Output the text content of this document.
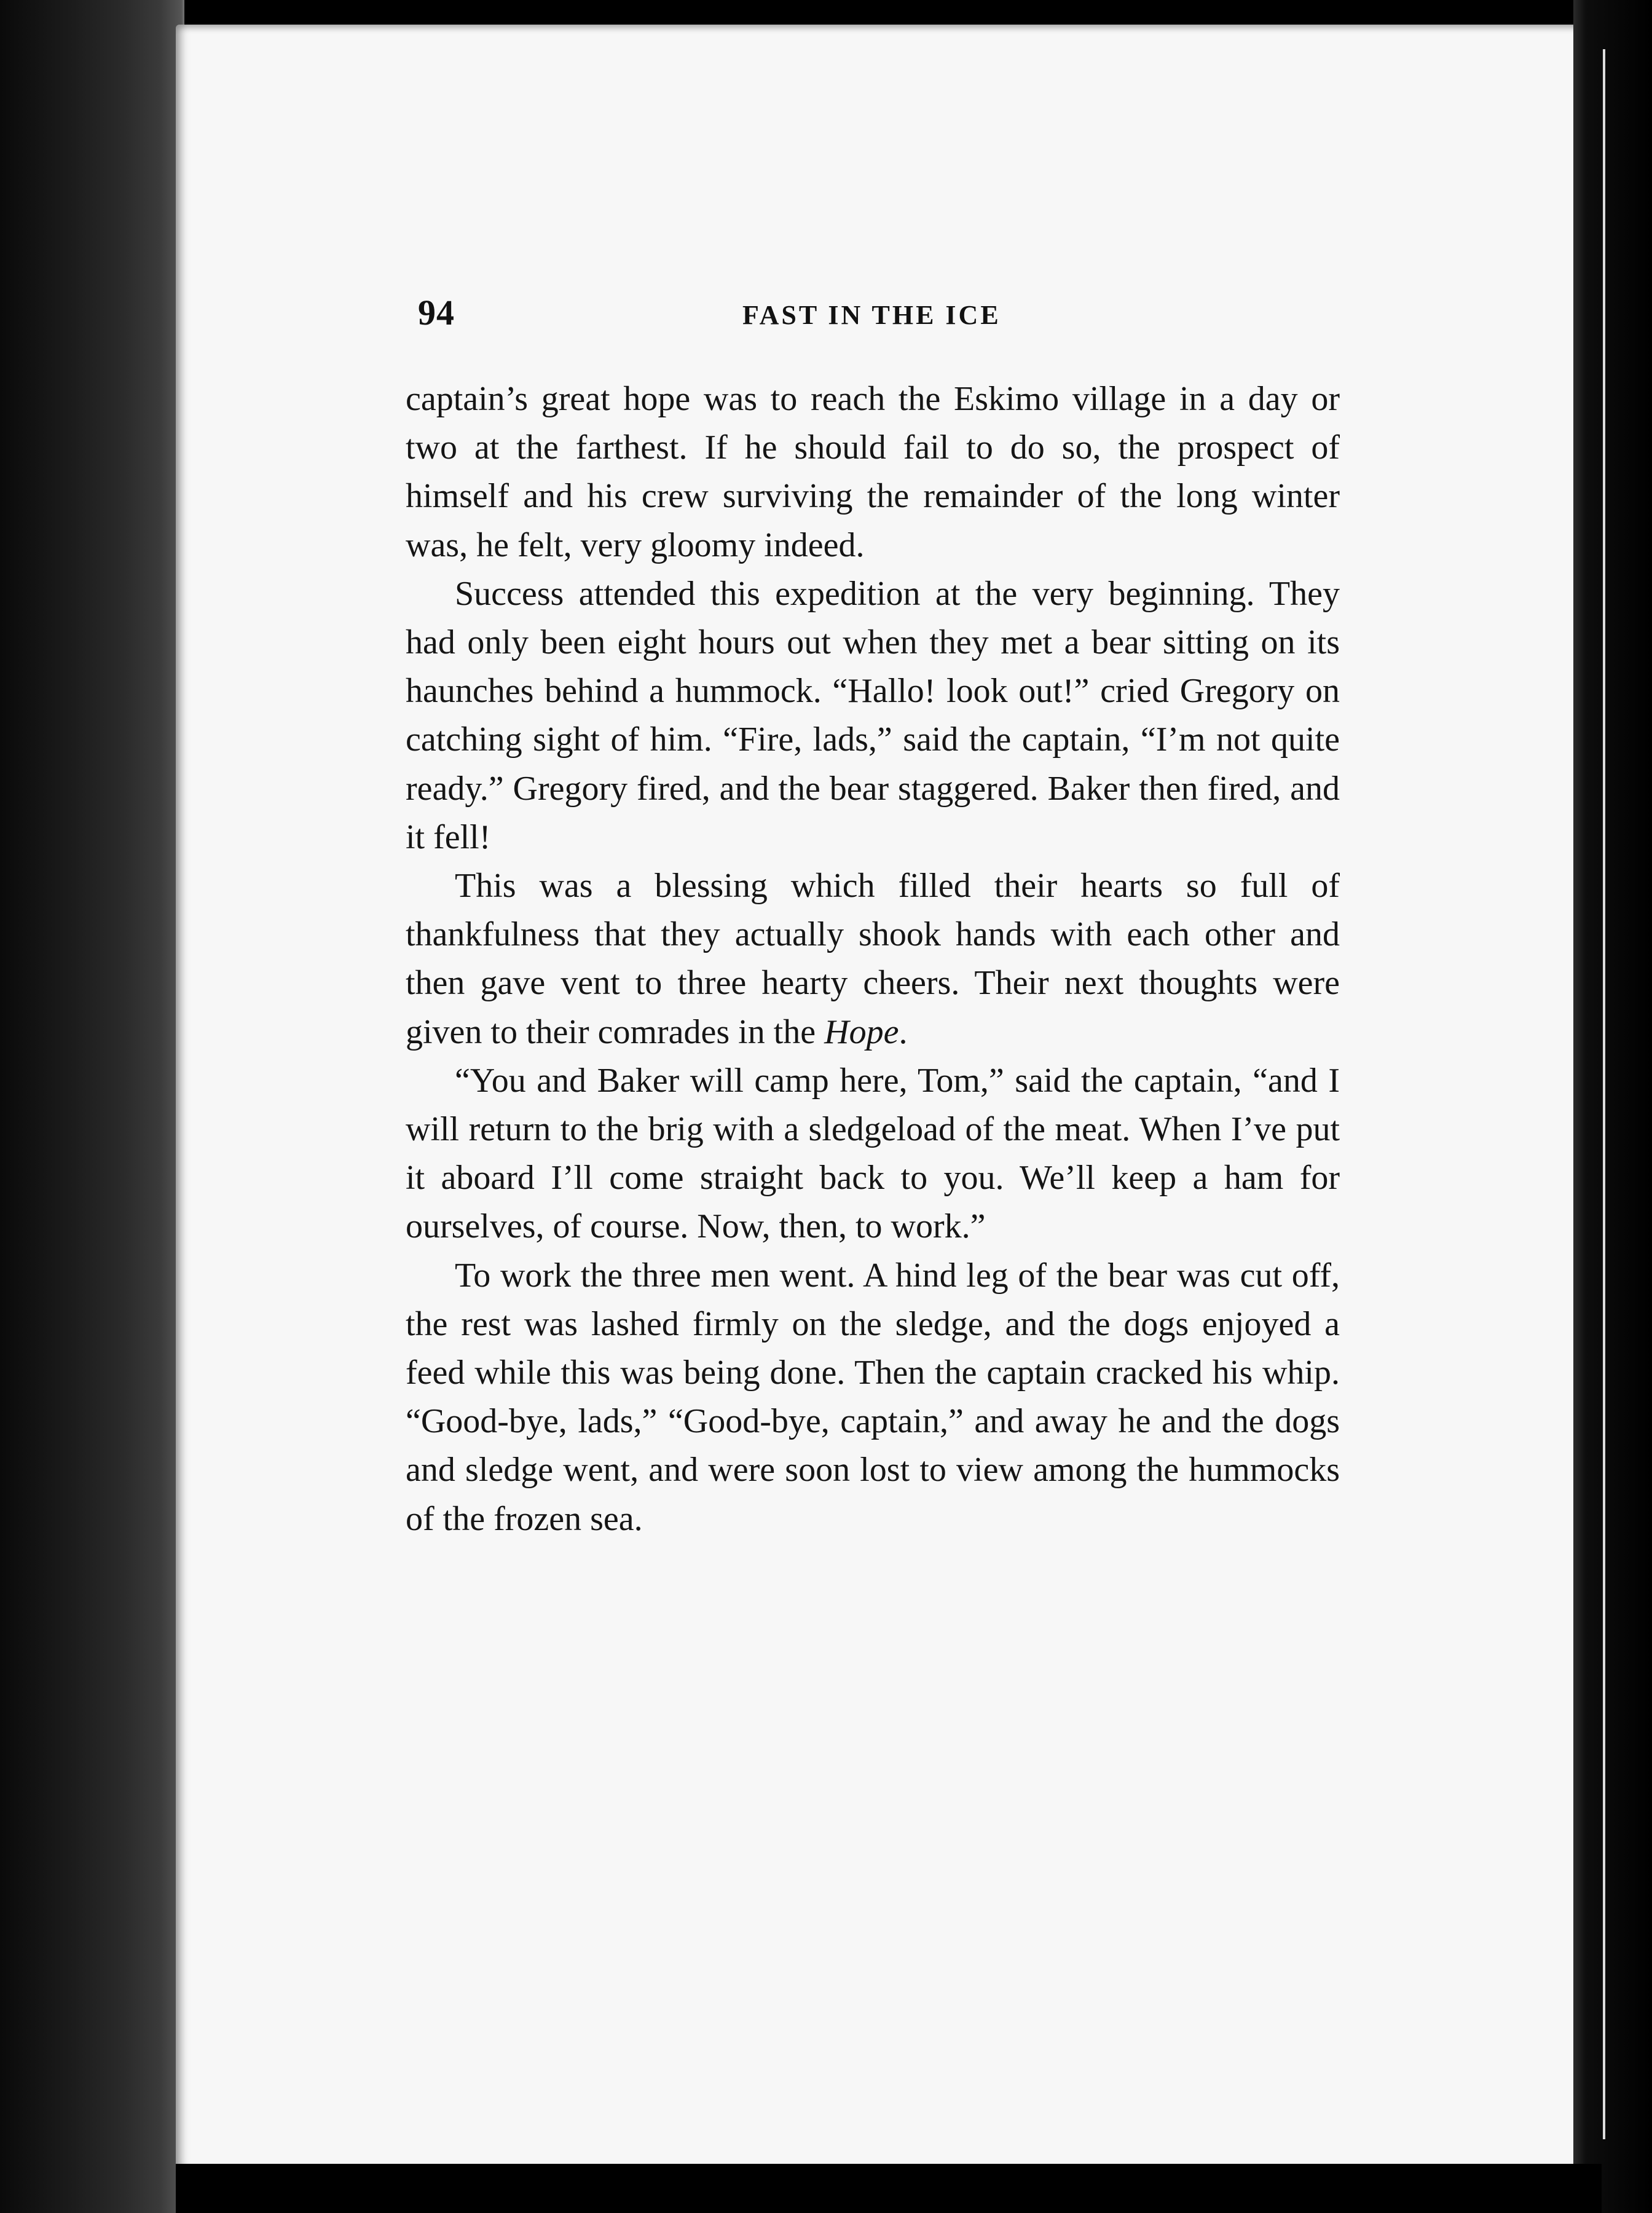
94	FAST IN THE ICE

captain’s great hope was to reach the Eskimo village in a day or two at the farthest. If he should fail to do so, the prospect of himself and his crew surviving the remainder of the long winter was, he felt, very gloomy indeed.

Success attended this expedition at the very beginning. They had only been eight hours out when they met a bear sitting on its haunches behind a hummock. “Hallo! look out!” cried Gregory on catching sight of him. “Fire, lads,” said the captain, “I’m not quite ready.” Gregory fired, and the bear staggered. Baker then fired, and it fell!

This was a blessing which filled their hearts so full of thankfulness that they actually shook hands with each other and then gave vent to three hearty cheers. Their next thoughts were given to their comrades in the Hope.

“You and Baker will camp here, Tom,” said the captain, “and I will return to the brig with a sledgeload of the meat. When I’ve put it aboard I’ll come straight back to you. We’ll keep a ham for ourselves, of course. Now, then, to work.”

To work the three men went. A hind leg of the bear was cut off, the rest was lashed firmly on the sledge, and the dogs enjoyed a feed while this was being done. Then the captain cracked his whip. “Good-bye, lads,” “Good-bye, captain,” and away he and the dogs and sledge went, and were soon lost to view among the hummocks of the frozen sea.
